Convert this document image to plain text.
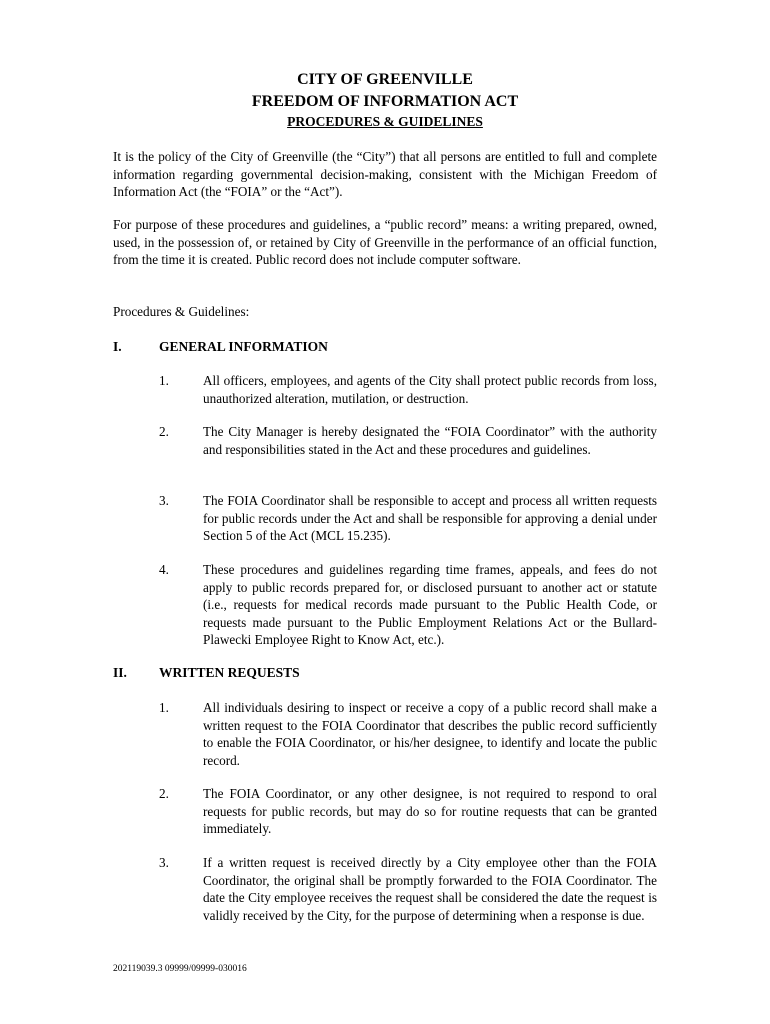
CITY OF GREENVILLE
FREEDOM OF INFORMATION ACT
PROCEDURES & GUIDELINES

It is the policy of the City of Greenville (the “City”) that all persons are entitled to full and complete information regarding governmental decision-making, consistent with the Michigan Freedom of Information Act (the “FOIA” or the “Act”).

For purpose of these procedures and guidelines, a “public record” means: a writing prepared, owned, used, in the possession of, or retained by City of Greenville in the performance of an official function, from the time it is created. Public record does not include computer software.

Procedures & Guidelines:

I.	GENERAL INFORMATION
1.	All officers, employees, and agents of the City shall protect public records from loss, unauthorized alteration, mutilation, or destruction.

2.	The City Manager is hereby designated the “FOIA Coordinator” with the authority and responsibilities stated in the Act and these procedures and guidelines.

3.	The FOIA Coordinator shall be responsible to accept and process all written requests for public records under the Act and shall be responsible for approving a denial under Section 5 of the Act (MCL 15.235).

4.	These procedures and guidelines regarding time frames, appeals, and fees do not apply to public records prepared for, or disclosed pursuant to another act or statute (i.e., requests for medical records made pursuant to the Public Health Code, or requests made pursuant to the Public Employment Relations Act or the Bullard-Plawecki Employee Right to Know Act, etc.).

II. WRITTEN REQUESTS
1.	All individuals desiring to inspect or receive a copy of a public record shall make a written request to the FOIA Coordinator that describes the public record sufficiently to enable the FOIA Coordinator, or his/her designee, to identify and locate the public record.

2.	The FOIA Coordinator, or any other designee, is not required to respond to oral requests for public records, but may do so for routine requests that can be granted immediately.

3.	If a written request is received directly by a City employee other than the FOIA Coordinator, the original shall be promptly forwarded to the FOIA Coordinator. The date the City employee receives the request shall be considered the date the request is validly received by the City, for the purpose of determining when a response is due.

202119039.3 09999/09999-030016
